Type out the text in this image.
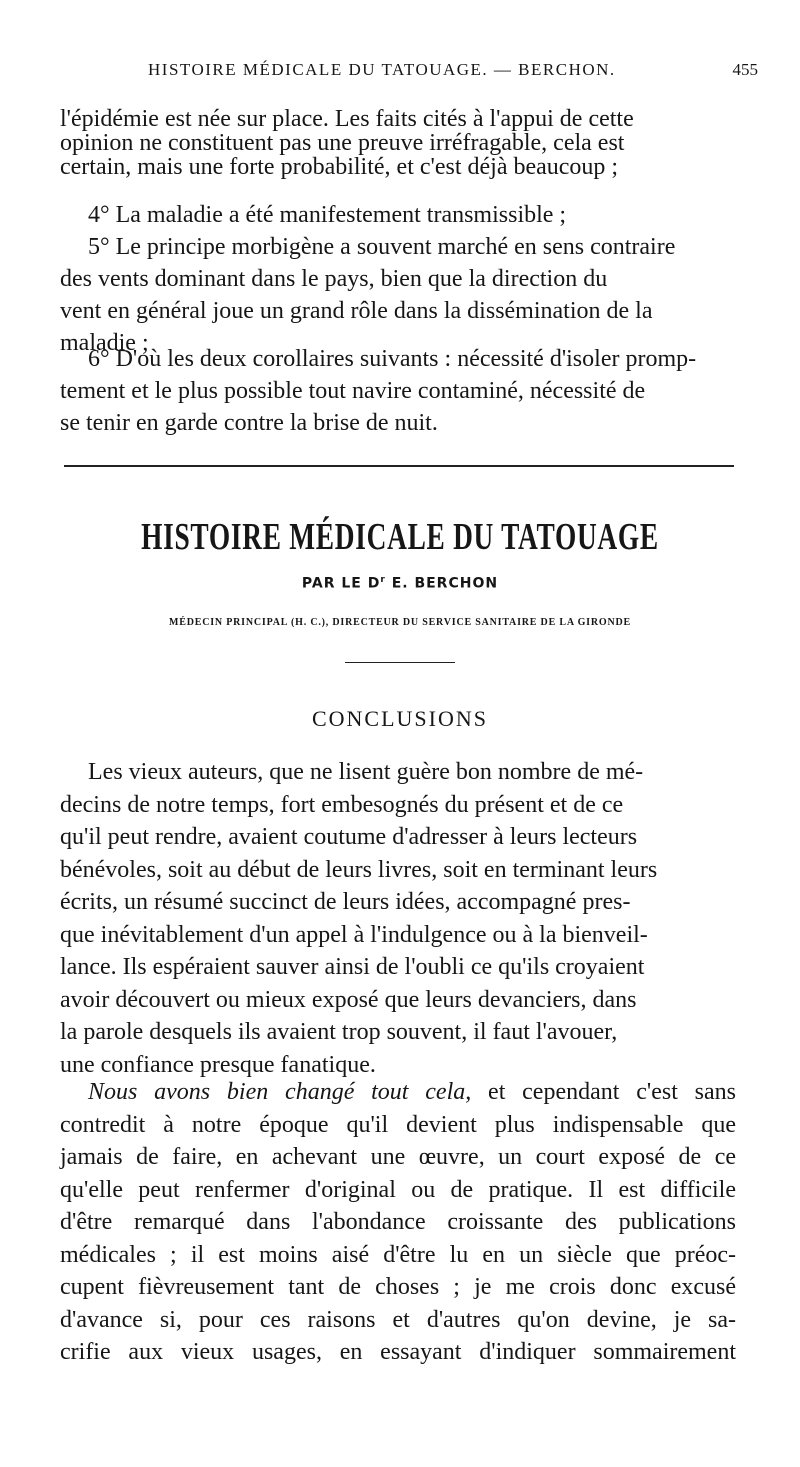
HISTOIRE MÉDICALE DU TATOUAGE. — BERCHON.	455

l'épidémie est née sur place. Les faits cités à l'appui de cette
opinion ne constituent pas une preuve irréfragable, cela est
certain, mais une forte probabilité, et c'est déjà beaucoup ;

4° La maladie a été manifestement transmissible ;

5° Le principe morbigène a souvent marché en sens contraire
des vents dominant dans le pays, bien que la direction du
vent en général joue un grand rôle dans la dissémination de la
maladie ;

6° D'où les deux corollaires suivants : nécessité d'isoler promp-
tement et le plus possible tout navire contaminé, nécessité de
se tenir en garde contre la brise de nuit.

HISTOIRE MÉDICALE DU TATOUAGE
PAR LE $D^r$ E. BERCHON
MÉDECIN PRINCIPAL (H. C.), DIRECTEUR DU SERVICE SANITAIRE DE LA GIRONDE
CONCLUSIONS

Les vieux auteurs, que ne lisent guère bon nombre de mé-
decins de notre temps, fort embesognés du présent et de ce
qu'il peut rendre, avaient coutume d'adresser à leurs lecteurs
bénévoles, soit au début de leurs livres, soit en terminant leurs
écrits, un résumé succinct de leurs idées, accompagné pres-
que inévitablement d'un appel à l'indulgence ou à la bienveil-
lance. Ils espéraient sauver ainsi de l'oubli ce qu'ils croyaient
avoir découvert ou mieux exposé que leurs devanciers, dans
la parole desquels ils avaient trop souvent, il faut l'avouer,
une confiance presque fanatique.

Nous avons bien changé tout cela, et cependant c'est sans
contredit à notre époque qu'il devient plus indispensable que
jamais de faire, en achevant une œuvre, un court exposé de ce
qu'elle peut renfermer d'original ou de pratique. Il est difficile
d'être remarqué dans l'abondance croissante des publications
médicales ; il est moins aisé d'être lu en un siècle que préoc-
cupent fièvreusement tant de choses ; je me crois donc excusé
d'avance si, pour ces raisons et d'autres qu'on devine, je sa-
crifie aux vieux usages, en essayant d'indiquer sommairement
